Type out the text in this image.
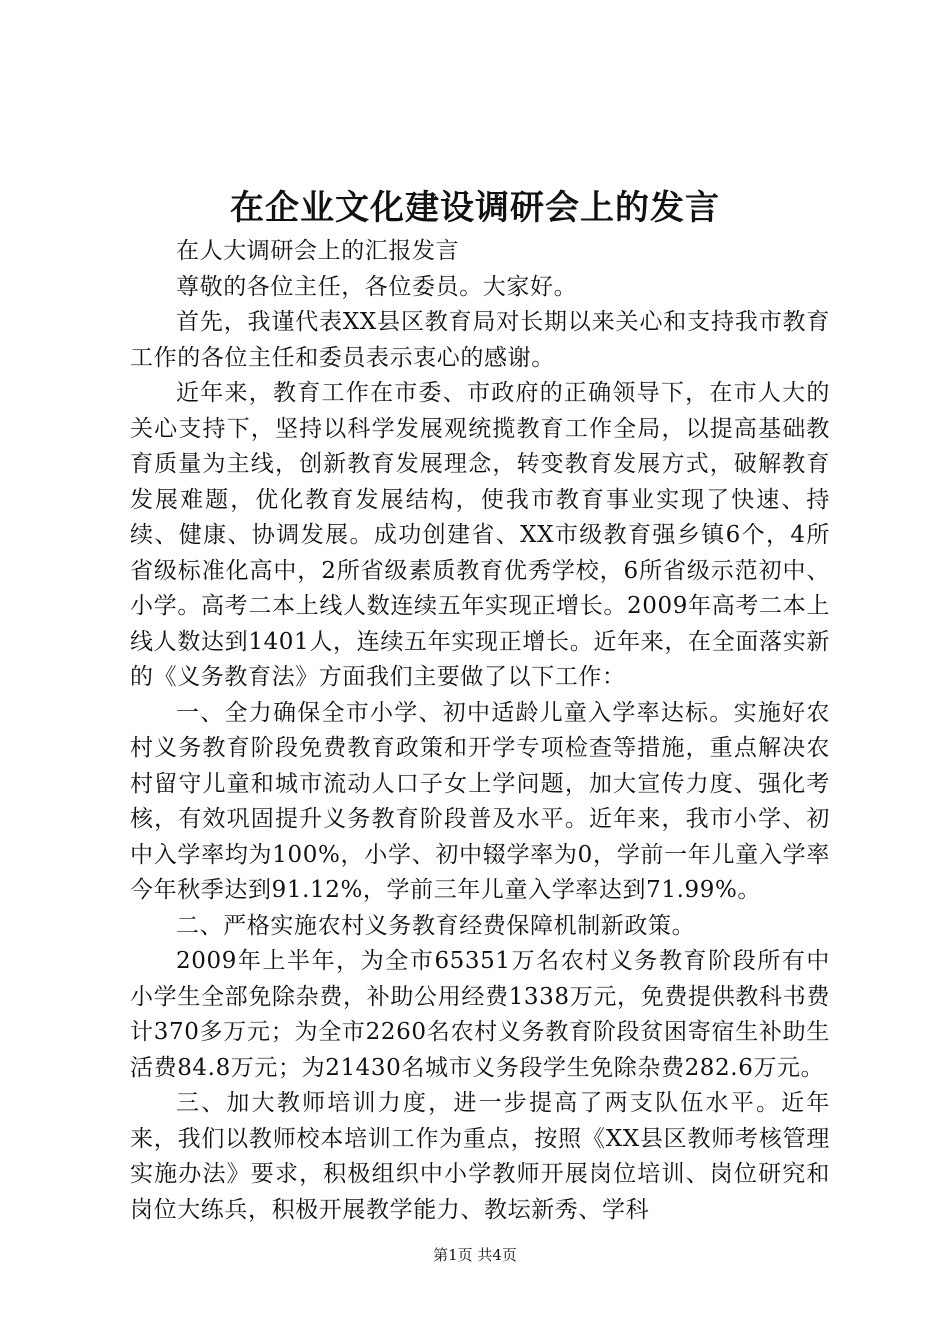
在企业文化建设调研会上的发言

在人大调研会上的汇报发言

尊敬的各位主任，各位委员。大家好。

首先，我谨代表XX县区教育局对长期以来关心和支持我市教育工作的各位主任和委员表示衷心的感谢。

近年来，教育工作在市委、市政府的正确领导下，在市人大的关心支持下，坚持以科学发展观统揽教育工作全局，以提高基础教育质量为主线，创新教育发展理念，转变教育发展方式，破解教育发展难题，优化教育发展结构，使我市教育事业实现了快速、持续、健康、协调发展。成功创建省、XX市级教育强乡镇6个，4所省级标准化高中，2所省级素质教育优秀学校，6所省级示范初中、小学。高考二本上线人数连续五年实现正增长。2009年高考二本上线人数达到1401人，连续五年实现正增长。近年来，在全面落实新的《义务教育法》方面我们主要做了以下工作：

一、全力确保全市小学、初中适龄儿童入学率达标。实施好农村义务教育阶段免费教育政策和开学专项检查等措施，重点解决农村留守儿童和城市流动人口子女上学问题，加大宣传力度、强化考核，有效巩固提升义务教育阶段普及水平。近年来，我市小学、初中入学率均为100%，小学、初中辍学率为0，学前一年儿童入学率今年秋季达到91.12%，学前三年儿童入学率达到71.99%。

二、严格实施农村义务教育经费保障机制新政策。

2009年上半年，为全市65351万名农村义务教育阶段所有中小学生全部免除杂费，补助公用经费1338万元，免费提供教科书费计370多万元；为全市2260名农村义务教育阶段贫困寄宿生补助生活费84.8万元；为21430名城市义务段学生免除杂费282.6万元。

三、加大教师培训力度，进一步提高了两支队伍水平。近年来，我们以教师校本培训工作为重点，按照《XX县区教师考核管理实施办法》要求，积极组织中小学教师开展岗位培训、岗位研究和岗位大练兵，积极开展教学能力、教坛新秀、学科

第1页 共4页
